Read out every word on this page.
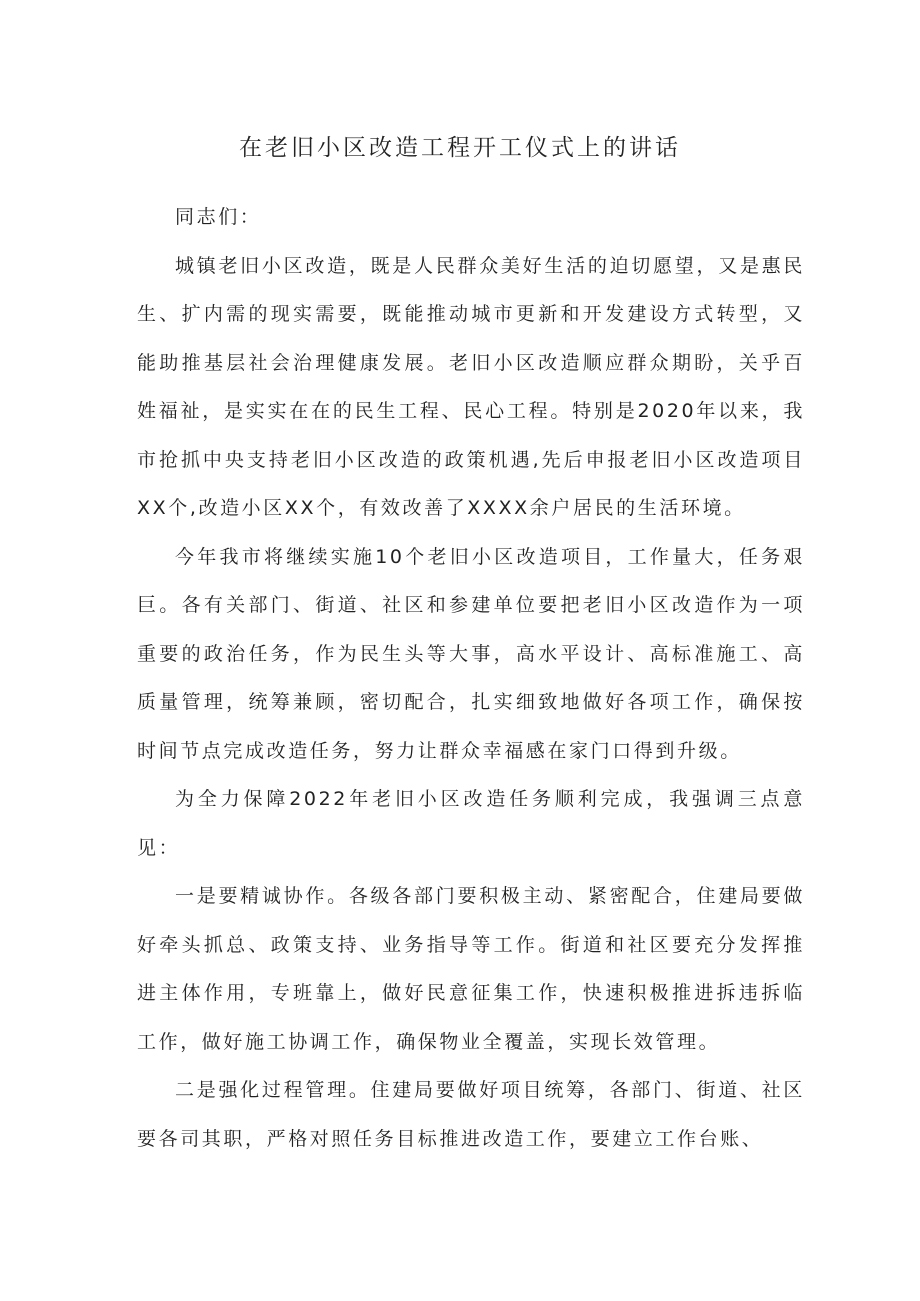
在老旧小区改造工程开工仪式上的讲话

同志们：

城镇老旧小区改造，既是人民群众美好生活的迫切愿望，又是惠民生、扩内需的现实需要，既能推动城市更新和开发建设方式转型，又能助推基层社会治理健康发展。老旧小区改造顺应群众期盼，关乎百姓福祉，是实实在在的民生工程、民心工程。特别是2020年以来，我市抢抓中央支持老旧小区改造的政策机遇,先后申报老旧小区改造项目XX个,改造小区XX个，有效改善了XXXX余户居民的生活环境。

今年我市将继续实施10个老旧小区改造项目，工作量大，任务艰巨。各有关部门、街道、社区和参建单位要把老旧小区改造作为一项重要的政治任务，作为民生头等大事，高水平设计、高标准施工、高质量管理，统筹兼顾，密切配合，扎实细致地做好各项工作，确保按时间节点完成改造任务，努力让群众幸福感在家门口得到升级。

为全力保障2022年老旧小区改造任务顺利完成，我强调三点意见：

一是要精诚协作。各级各部门要积极主动、紧密配合，住建局要做好牵头抓总、政策支持、业务指导等工作。街道和社区要充分发挥推进主体作用，专班靠上，做好民意征集工作，快速积极推进拆违拆临工作，做好施工协调工作，确保物业全覆盖，实现长效管理。

二是强化过程管理。住建局要做好项目统筹，各部门、街道、社区要各司其职，严格对照任务目标推进改造工作，要建立工作台账、
